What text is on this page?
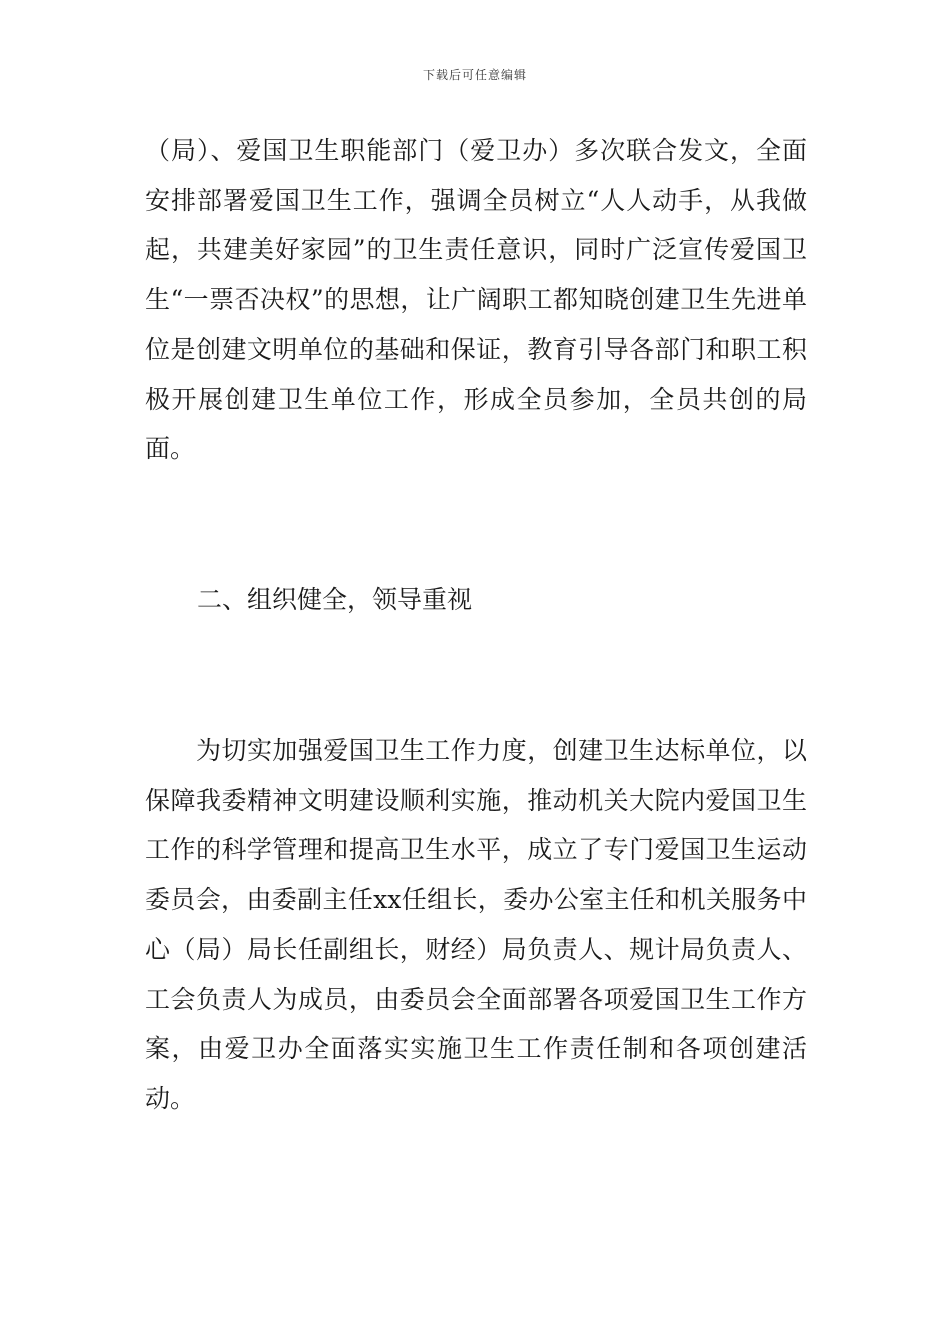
下载后可任意编辑

（局）、爱国卫生职能部门（爱卫办）多次联合发文，全面安排部署爱国卫生工作，强调全员树立“人人动手，从我做起，共建美好家园”的卫生责任意识，同时广泛宣传爱国卫生“一票否决权”的思想，让广阔职工都知晓创建卫生先进单位是创建文明单位的基础和保证，教育引导各部门和职工积极开展创建卫生单位工作，形成全员参加，全员共创的局面。

二、组织健全，领导重视

为切实加强爱国卫生工作力度，创建卫生达标单位，以保障我委精神文明建设顺利实施，推动机关大院内爱国卫生工作的科学管理和提高卫生水平，成立了专门爱国卫生运动委员会，由委副主任xx任组长，委办公室主任和机关服务中心（局）局长任副组长，财经）局负责人、规计局负责人、工会负责人为成员，由委员会全面部署各项爱国卫生工作方案，由爱卫办全面落实实施卫生工作责任制和各项创建活动。
